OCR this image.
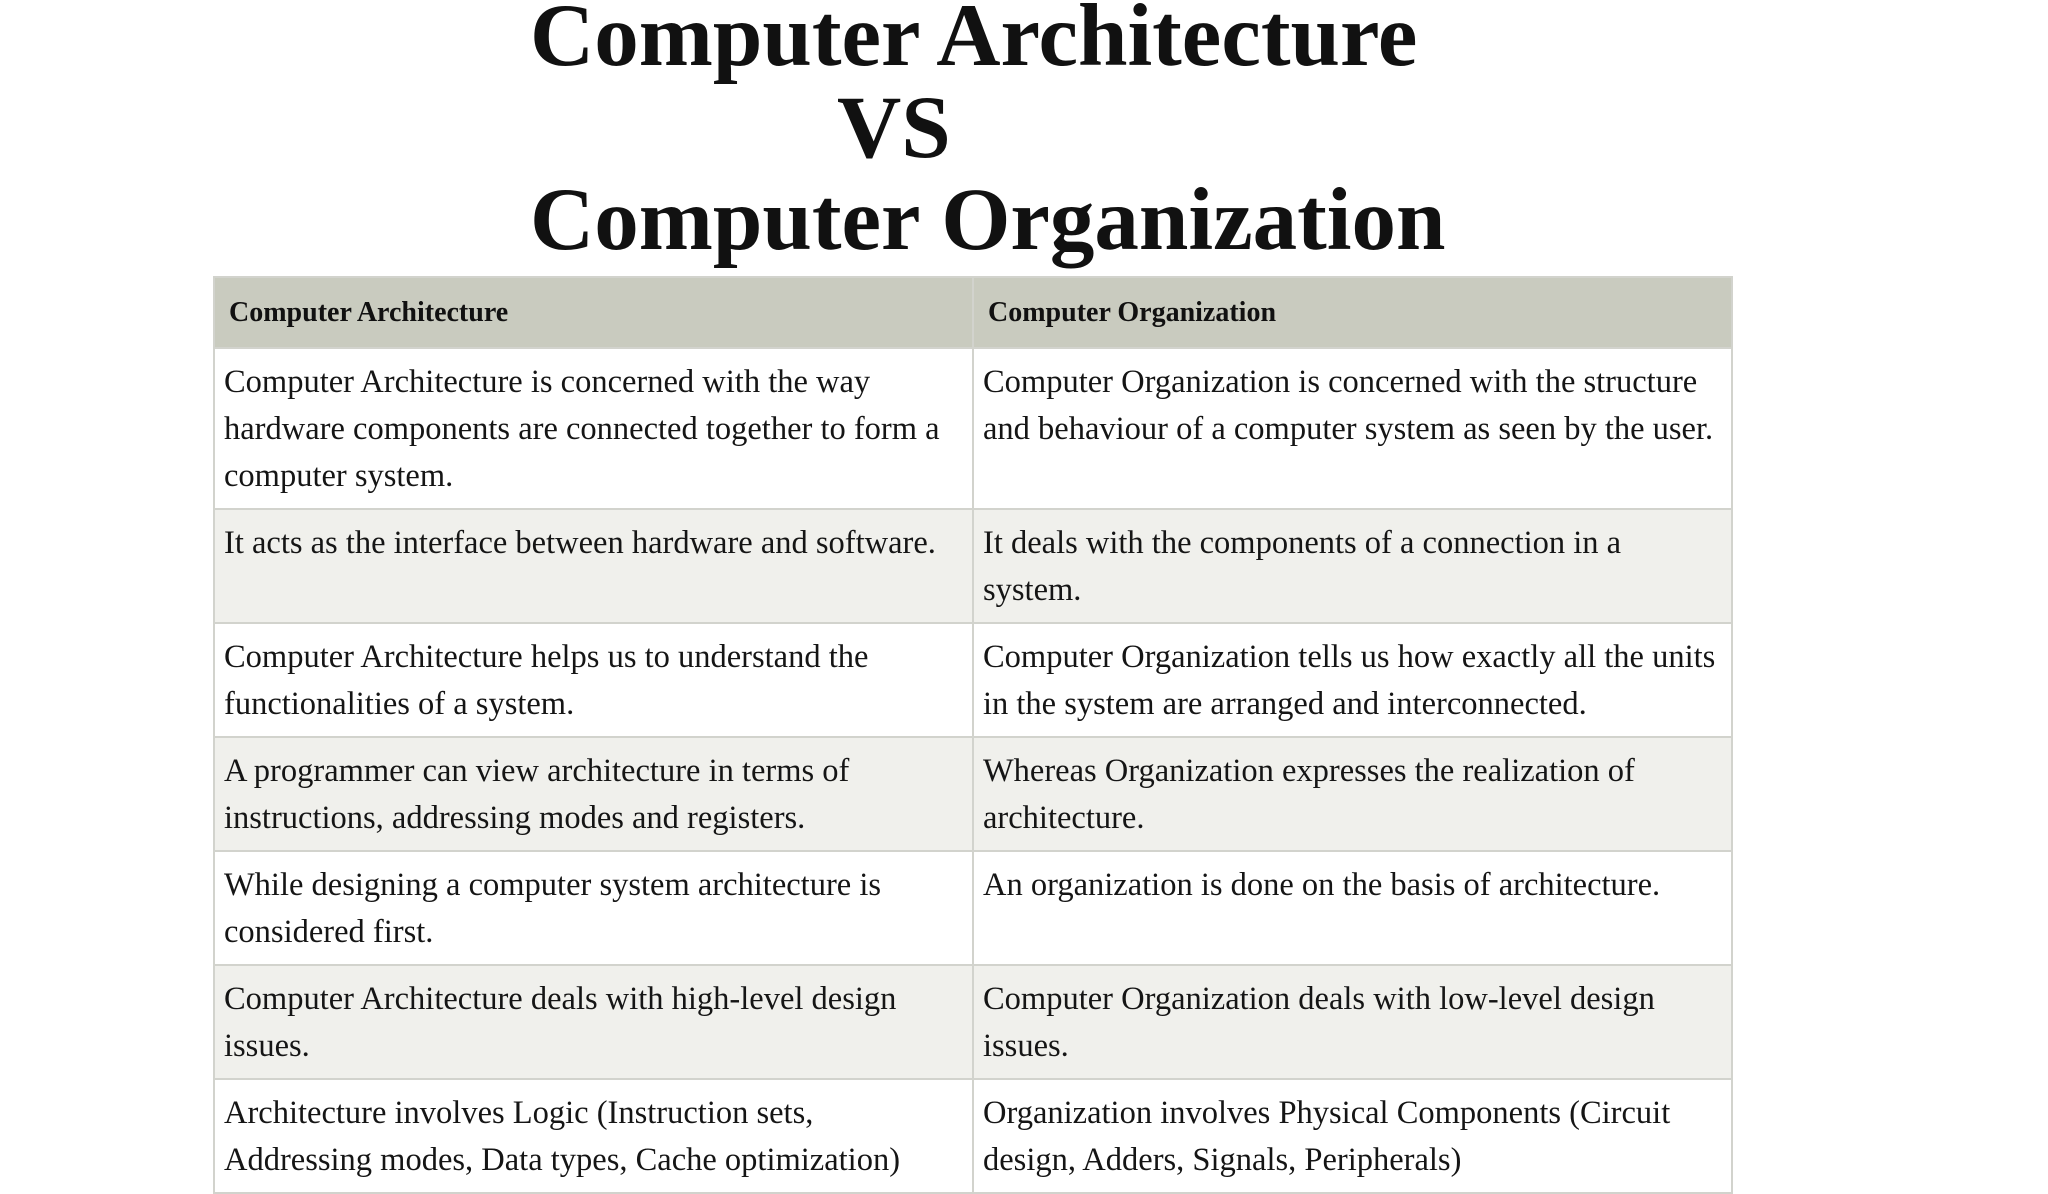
Computer Architecture
VS
Computer Organization
Computer Architecture	Computer Organization
Computer Architecture is concerned with the way hardware components are connected together to form a computer system.	Computer Organization is concerned with the structure and behaviour of a computer system as seen by the user.
It acts as the interface between hardware and software.	It deals with the components of a connection in a system.
Computer Architecture helps us to understand the functionalities of a system.	Computer Organization tells us how exactly all the units in the system are arranged and interconnected.
A programmer can view architecture in terms of instructions, addressing modes and registers.	Whereas Organization expresses the realization of architecture.
While designing a computer system architecture is considered first.	An organization is done on the basis of architecture.
Computer Architecture deals with high-level design issues.	Computer Organization deals with low-level design issues.
Architecture involves Logic (Instruction sets, Addressing modes, Data types, Cache optimization)	Organization involves Physical Components (Circuit design, Adders, Signals, Peripherals)
